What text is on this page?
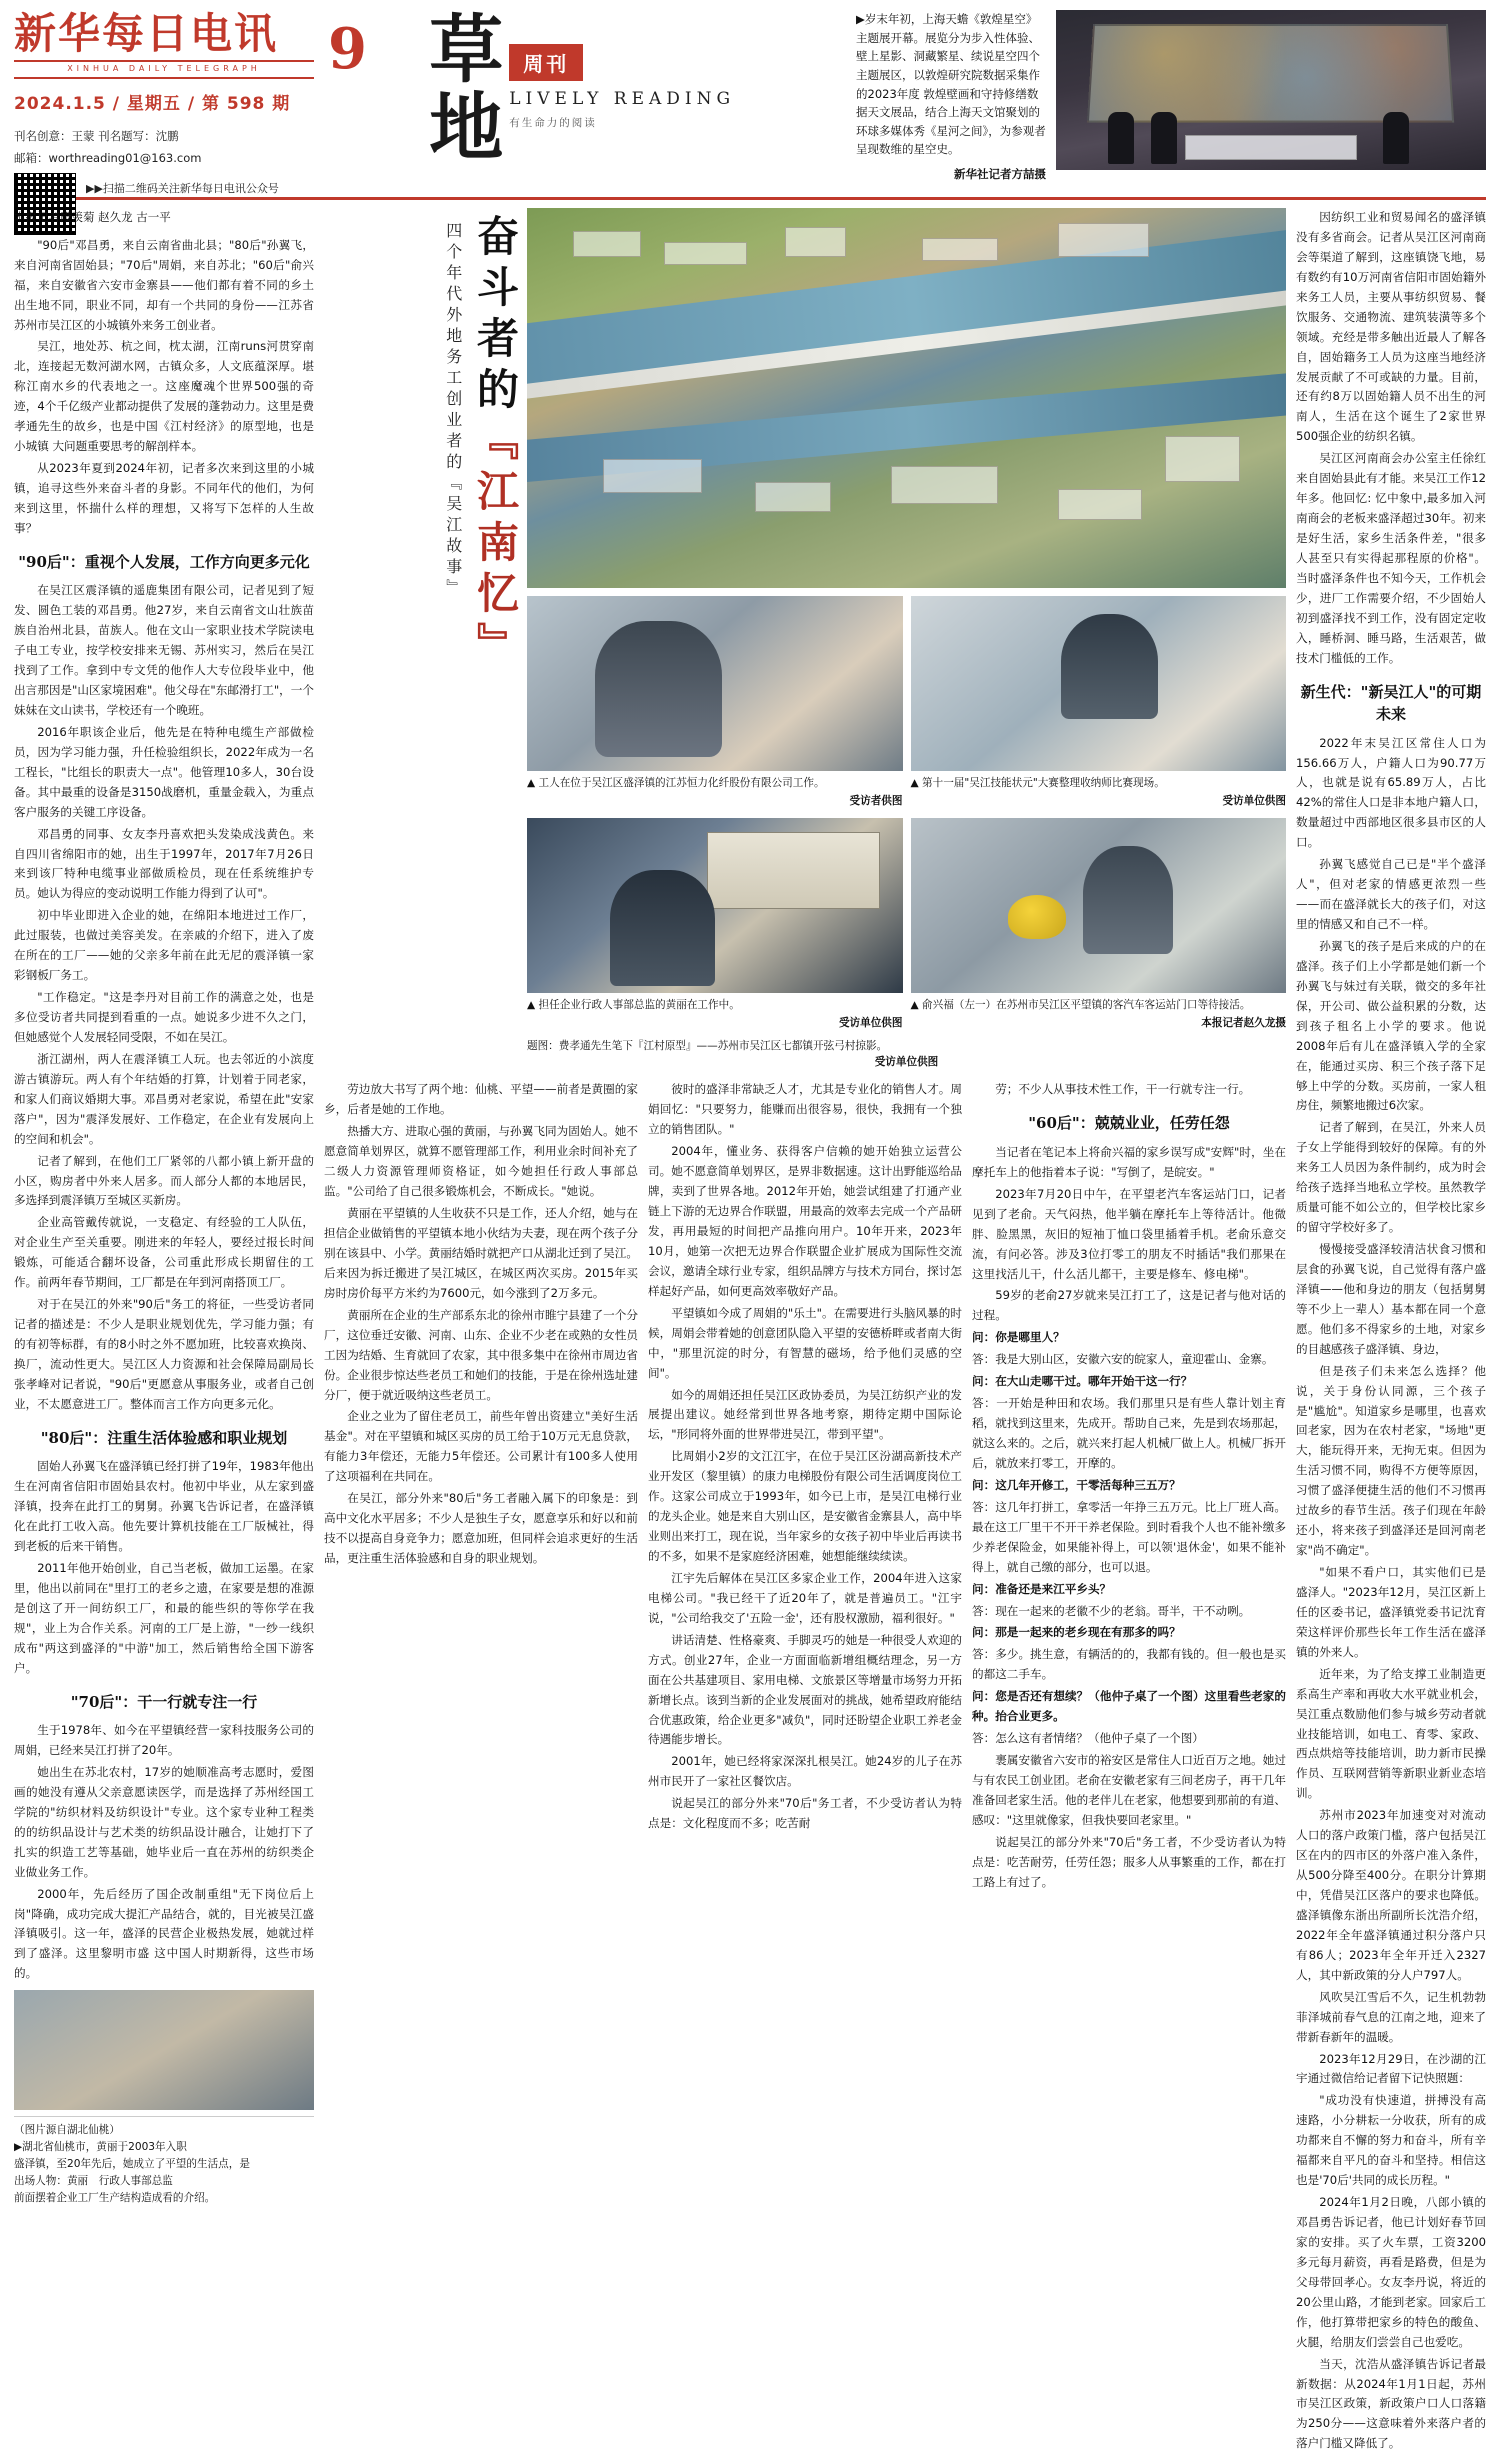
新华每日电讯
XINHUA DAILY TELEGRAPH
2024.1.5 / 星期五 / 第 598 期
刊名创意：王蒙 刊名题写：沈鹏
邮箱：worthreading01@163.com
▶▶扫描二维码关注新华每日电讯公众号
9 草地	周刊
LIVELY READING
有生命力的阅读
▶岁末年初，上海天蟾《敦煌星空》主题展开幕。展览分为步入性体验、壁上星影、洞藏繁星、续说星空四个主题展区，以敦煌研究院数据采集作的2023年度 敦煌壁画和守持修缮数据天文展品，结合上海天文馆聚划的环球多媒体秀《星河之间》，为参观者呈现数维的星空史。
新华社记者方喆摄
本报记者段羡菊 赵久龙 古一平

"90后"邓昌勇，来自云南省曲北县；"80后"孙翼飞，来自河南省固始县；"70后"周娟，来自苏北；"60后"俞兴福，来自安徽省六安市金寨县——他们都有着不同的乡土出生地不同，职业不同，却有一个共同的身份——江苏省苏州市吴江区的小城镇外来务工创业者。

吴江，地处苏、杭之间，枕太湖，江南runs河贯穿南北，连接起无数河湖水网，古镇众多，人文底蕴深厚。堪称江南水乡的代表地之一。这座魔魂个世界500强的奇迹，4个千亿级产业都动提供了发展的蓬勃动力。这里是费孝通先生的故乡，也是中国《江村经济》的原型地，也是小城镇 大问题重要思考的解剖样本。

从2023年夏到2024年初，记者多次来到这里的小城镇，追寻这些外来奋斗者的身影。不同年代的他们，为何来到这里，怀揣什么样的理想，又将写下怎样的人生故事？

"90后"：重视个人发展，工作方向更多元化

在吴江区震泽镇的遥鹿集团有限公司，记者见到了短发、圆色工装的邓昌勇。他27岁，来自云南省文山壮族苗族自治州北县，苗族人。他在文山一家职业技术学院读电子电工专业，按学校安排来无锡、苏州实习，然后在吴江找到了工作。拿到中专文凭的他作人大专位段毕业中，他出言那因是"山区家境困难"。他父母在"东邮滑打工"，一个妹妹在文山读书，学校还有一个晚班。

2016年职该企业后，他先是在特种电缆生产部做检员，因为学习能力强，升任检验组织长，2022年成为一名工程长，"比组长的职责大一点"。他管理10多人，30台设备。其中最重的设备是3150战磨机，重量金载入，为重点客户服务的关键工序设备。

邓昌勇的同事、女友李丹喜欢把头发染成浅黄色。来自四川省绵阳市的她，出生于1997年，2017年7月26日来到该厂特种电缆事业部做质检员，现在任系统维护专员。她认为得应的变动说明工作能力得到了认可"。

初中毕业即进入企业的她，在绵阳本地进过工作厂，此过服装，也做过美容美发。在亲戚的介绍下，进入了废在所在的工厂——她的父亲多年前在此无尼的震泽镇一家彩钢板厂务工。

"工作稳定。"这是李丹对目前工作的满意之处，也是多位受访者共同提到看重的一点。她说多少进不久之门，但她感觉个人发展轻同受限，不如在吴江。

浙江湖州，两人在震泽镇工人玩。也去邻近的小滨度游古镇游玩。两人有个年结婚的打算，计划着于同老家，和家人们商议婚期大事。邓昌勇对老家说，希望在此"安家落户"，因为"震泽发展好、工作稳定，在企业有发展向上的空间和机会"。

记者了解到，在他们工厂紧邻的八都小镇上新开盘的小区，购房者中外来人居多。而人部分人都的本地居民，多选择到震泽镇万至城区买新房。

企业高管戴传就说，一支稳定、有经验的工人队伍，对企业生产至关重要。刚进来的年轻人，要经过报长时间锻炼，可能适合翻坏设备，公司重此形成长期留住的工作。前两年春节期间，工厂都是在年到河南搭顶工厂。

对于在吴江的外来"90后"务工的将征，一些受访者同记者的描述是：不少人是职业规划优先，学习能力强；有的有初等标群，有的8小时之外不愿加班，比较喜欢换岗、换厂，流动性更大。吴江区人力资源和社会保障局副局长张孝峰对记者说，"90后"更愿意从事服务业，或者自己创业，不太愿意进工厂。整体而言工作方向更多元化。

"80后"：注重生活体验感和职业规划

固始人孙翼飞在盛泽镇已经打拼了19年，1983年他出生在河南省信阳市固始县农村。他初中毕业，从左家到盛泽镇，投奔在此打工的舅舅。孙翼飞告诉记者，在盛泽镇化在此打工收入高。他先要计算机技能在工厂版械社，得到老板的后来干销售。

2011年他开始创业，自己当老板，做加工运墨。在家里，他出以前同在"里打工的老乡之遗，在家要是想的准源是创这了开一间纺织工厂，和最的能些织的等你学在我规"，业上为合作关系。河南的工厂是上游，"一纱一线织成布"两这到盛泽的"中游"加工，然后销售给全国下游客户。

"70后"：干一行就专注一行

生于1978年、如今在平望镇经营一家科技服务公司的周娟，已经来吴江打拼了20年。

她出生在苏北农村，17岁的她顺准高考志愿时，爱图画的她没有遵从父亲意愿读医学，而是选择了苏州经国工学院的"纺织材料及纺织设计"专业。这个家专业种工程类的的纺织品设计与艺术类的纺织品设计融合，让她打下了扎实的织造工艺等基础，她毕业后一直在苏州的纺织类企业做业务工作。

2000年，先后经历了国企改制重组"无下岗位后上岗"降确，成功完成大提汇产品结合，就的，目光被吴江盛泽镇吸引。这一年，盛泽的民营企业极热发展，她就过样到了盛泽。这里黎明市盛 这中国人时期新得，这些市场的。

（图片源自湖北仙桃）
▶湖北省仙桃市，黄丽于2003年入职
盛泽镇，至20年先后，她成立了平望的生活点，是
出场人物：黄丽　行政人事部总监
前面摆着企业工厂生产结构造成看的介绍。
奋斗者的『江南忆』
四个年代外地务工创业者的『吴江故事』
▲ 工人在位于吴江区盛泽镇的江苏恒力化纤股份有限公司工作。
受访者供图
▲ 第十一届"吴江技能状元"大赛整理收纳师比赛现场。
受访单位供图
▲ 担任企业行政人事部总监的黄丽在工作中。
受访单位供图
▲ 俞兴福（左一）在苏州市吴江区平望镇的客汽车客运站门口等待接活。
本报记者赵久龙摄
题图：费孝通先生笔下『江村原型』——苏州市吴江区七都镇开弦弓村掠影。
受访单位供图

劳边放大书写了两个地：仙桃、平望——前者是黄圈的家乡，后者是她的工作地。

热播大方、进取心强的黄丽，与孙翼飞同为固始人。她不愿意简单划界区，就算不愿管理部工作，利用业余时间补充了二级人力资源管理师资格证，如今她担任行政人事部总监。"公司给了自己很多锻炼机会，不断成长。"她说。

黄丽在平望镇的人生收获不只是工作，还人介绍，她与在担信企业做销售的平望镇本地小伙结为夫妻，现在两个孩子分别在该县中、小学。黄丽结婚时就把产口从湖北迁到了吴江。后来因为拆迁搬进了吴江城区，在城区两次买房。2015年买房时房价每平方米约为7600元，如今涨到了2万多元。

黄丽所在企业的生产部系东北的徐州市睢宁县建了一个分厂，这位垂迁安徽、河南、山东、企业不少老在或熟的女性员工因为结婚、生育就回了农家，其中很多集中在徐州市周边省份。企业很步惊达些老员工和她们的技能，于是在徐州选址建分厂，便于就近吸纳这些老员工。

企业之业为了留住老员工，前些年曾出资建立"美好生活基金"。对在平望镇和城区买房的员工给于10万元无息贷款，有能力3年偿还，无能力5年偿还。公司累计有100多人使用了这项福利在共同在。

在吴江，部分外来"80后"务工者融入属下的印象是：到高中文化水平居多；不少人是独生子女，愿意享乐和好以和前技不以提高自身竞争力；愿意加班，但同样会追求更好的生活品，更注重生活体验感和自身的职业规划。

彼时的盛泽非常缺乏人才，尤其是专业化的销售人才。周娟回忆："只要努力，能赚而出很容易，很快，我拥有一个独立的销售团队。"

2004年，懂业务、获得客户信赖的她开始独立运营公司。她不愿意简单划界区，是界非数据速。这计出野能巡给品牌，卖到了世界各地。2012年开始，她尝试组建了打通产业链上下游的无边界合作联盟，用最高的效率去完成一个产品研发，再用最短的时间把产品推向用户。10年开来，2023年10月，她第一次把无边界合作联盟企业扩展成为国际性交流会议，邀请全球行业专家，组织品牌方与技术方同台，探讨怎样起好产品，如何更高效率敬好产品。

平望镇如今成了周娟的"乐土"。在需要进行头脑风暴的时候，周娟会带着她的创意团队隐入平望的安德桥畔或者南大街中，"那里沉淀的时分，有智慧的磁场，给予他们灵感的空间"。

如今的周娟还担任吴江区政协委员，为吴江纺织产业的发展提出建议。她经常到世界各地考察，期待定期中国际论坛，"形同将外面的世界带进吴江，带到平望"。

比周娟小2岁的文江江宇，在位于吴江区汾湖高新技术产业开发区（黎里镇）的康力电梯股份有限公司生活调度岗位工作。这家公司成立于1993年，如今已上市，是吴江电梯行业的龙头企业。她是来自大别山区，是安徽省金寨县人，高中毕业则出来打工，现在说，当年家乡的女孩子初中毕业后再读书的不多，如果不是家庭经济困难，她想能继续续读。

江宇先后解体在吴江区多家企业工作，2004年进入这家电梯公司。"我已经干了近20年了，就是普遍员工。"江宇说，"公司给我交了'五险一金'，还有股权激励，福利很好。"

讲话清楚、性格豪爽、手脚灵巧的她是一种很受人欢迎的方式。创业27年，企业一方面面临新增组概结理念，另一方面在公共基建项目、家用电梯、文旅景区等增量市场努力开拓新增长点。该到当新的企业发展面对的挑战，她希望政府能结合优惠政策，给企业更多"减负"，同时还盼望企业职工养老金待遇能步增长。

2001年，她已经将家深深扎根吴江。她24岁的儿子在苏州市民开了一家社区餐饮店。

说起吴江的部分外来"70后"务工者，不少受访者认为特点是：文化程度而不多；吃苦耐

劳；不少人从事技术性工作，干一行就专注一行。

"60后"：兢兢业业，任劳任怨

当记者在笔记本上将俞兴福的家乡误写成"安辉"时，坐在摩托车上的他指着本子说："写倒了，是皖安。"

2023年7月20日中午，在平望老汽车客运站门口，记者见到了老俞。天气闷热，他半躺在摩托车上等待活计。他微胖、脸黑黑，灰旧的短袖丁恤口袋里插着手机。老俞乐意交流，有问必答。涉及3位打零工的朋友不时插话"我们那果在这里找活儿干，什么活儿都干，主要是修车、修电梯"。

59岁的老俞27岁就来吴江打工了，这是记者与他对话的过程。

问：你是哪里人？

答：我是大别山区，安徽六安的皖家人，童迎霍山、金寨。

问：在大山走哪干过。哪年开始干这一行？

答：一开始是种田和农场。我们那里只是有些人靠计划主育稻，就找到这里来，先成开。帮助自己来，先是到农场那起，就这么来的。之后，就兴来打起人机械厂做上人。机械厂拆开后，就放来打零工，开摩的。

问：这几年开修工，干零活每种三五万？

答：这几年打拼工，拿零活一年挣三五万元。比上厂班人高。最在这工厂里干不开干养老保险。到时看我个人也不能补缴多少养老保险金，如果能补得上，可以领'退休金'，如果不能补得上，就自己缴的部分，也可以退。

问：准备还是来江平乡头？

答：现在一起来的老徽不少的老翁。哥半，干不动咧。

问：那是一起来的老乡现在有那多的吗？

答：多少。挑生意，有辆活的的，我都有钱的。但一般也是买的都这二手车。

问：您是否还有想续？（他仲子桌了一个图）这里看些老家的种。抬合业更多。

答：怎么这有者情绪？（他仲子桌了一个图）

裹属安徽省六安市的裕安区是常住人口近百万之地。她过与有农民工创业团。老俞在安徽老家有三间老房子，再干几年准备回老家生活。他的老伴儿在老家，他想要到那前的有道、感叹："这里就像家，但我快要回老家里。"

说起吴江的部分外来"70后"务工者，不少受访者认为特点是：吃苦耐劳，任劳任怨；服多人从事繁重的工作，都在打工路上有过了。

因纺织工业和贸易闻名的盛泽镇没有多省商会。记者从吴江区河南商会等渠道了解到，这座镇饶飞地，易有数约有10万河南省信阳市固始籍外来务工人员，主要从事纺织贸易、餐饮服务、交通物流、建筑装潢等多个领域。充经是带多触出近最人了解各自，固始籍务工人员为这座当地经济发展贡献了不可或缺的力量。目前，还有约8万以固始籍人员不出生的河南人，生活在这个诞生了2家世界500强企业的纺织名镇。

吴江区河南商会办公室主任徐红来自固始县此有才能。来吴江工作12年多。他回忆: 忆中象中,最多加入河南商会的老板来盛泽超过30年。初来是好生活，家乡生活条件差，"很多人甚至只有实得起那程原的价格"。当时盛泽条件也不知今天，工作机会少，进厂工作需要介绍，不少固始人初到盛泽找不到工作，没有固定定收入，睡桥洞、睡马路，生活艰苦，做技术门槛低的工作。

新生代："新吴江人"的可期未来

2022年末吴江区常住人口为156.66万人，户籍人口为90.77万人，也就是说有65.89万人，占比42%的常住人口是非本地户籍人口，数量超过中西部地区很多县市区的人口。

孙翼飞感觉自己已是"半个盛泽人"，但对老家的情感更浓烈一些——而在盛泽就长大的孩子们，对这里的情感又和自己不一样。

孙翼飞的孩子是后来成的户的在盛泽。孩子们上小学都是她们新一个孙翼飞与妹过有关联，微交的多年社保，开公司、做公益积累的分数，达到孩子租名上小学的要求。他说2008年后有儿在盛泽镇入学的全家在，能通过买房、积三个孩子落下足够上中学的分数。买房前，一家人租房住，频繁地搬过6次家。

记者了解到，在吴江，外来人员子女上学能得到较好的保障。有的外来务工人员因为条件制约，成为时会给孩子选择当地私立学校。虽然教学质量可能不如公立的，但学校比家乡的留守学校好多了。

慢慢接受盛泽较清洁状食习惯和层食的孙翼飞说，自己觉得有落户盛泽镇——他和身边的朋友（包括舅舅等不少上一辈人）基本都在同一个意愿。他们多不得家乡的土地，对家乡的目越感孩子盛泽镇、身边，

但是孩子们未来怎么选择？他说，关于身份认同源，三个孩子是"尴尬"。知道家乡是哪里，也喜欢回老家，因为在农村老家，"场地"更大，能玩得开来，无拘无束。但因为生活习惯不同，购得不方便等原因，习惯了盛泽便捷生活的他们不习惯再过故乡的春节生活。孩子们现在年龄还小，将来孩子到盛泽还是回河南老家"尚不确定"。

"如果不看户口，其实他们已是盛泽人。"2023年12月，吴江区新上任的区委书记，盛泽镇党委书记沈育荣这样评价那些长年工作生活在盛泽镇的外来人。

近年来，为了给支撑工业制造更系高生产率和再收大水平就业机会，吴江重点数励他们参与城乡劳动者就业技能培训，如电工、育零、家政、西点烘焙等技能培训，助力新市民操作员、互联网营销等新职业新业态培训。

苏州市2023年加速变对对流动人口的落户政策门槛，落户包括吴江区在内的四市区的外落户准入条件，从500分降至400分。在职分计算期中，凭借吴江区落户的要求也降低。盛泽镇像东浙出所副所长沈浩介绍，2022年全年盛泽镇通过积分落户只有86人；2023年全年开迁入2327人，其中新政策的分人户797人。

风吹吴江雪后不久，记生机勃勃菲泽城前春气息的江南之地，迎来了带新春新年的温暖。

2023年12月29日，在沙湖的江宇通过微信给记者留下记快照题：

"成功没有快速道，拼搏没有高速路，小分耕耘一分收获，所有的成功都来自不懈的努力和奋斗，所有辛福都来自平凡的奋斗和坚持。相信这也是'70后'共同的成长历程。"

2024年1月2日晚，八郎小镇的邓昌勇告诉记者，他已计划好春节回家的安排。买了火车票，工资3200多元每月薪资，再看是路费，但是为父母带回孝心。女友李丹说，将近的20公里山路，才能到老家。回家后工作，他打算带把家乡的特色的酸鱼、火腿，给朋友们尝尝自己也爱吃。

当天，沈浩从盛泽镇告诉记者最新数据：从2024年1月1日起，苏州市吴江区政策，新政策户口人口落籍为250分——这意味着外来落户者的落户门槛又降低了。
